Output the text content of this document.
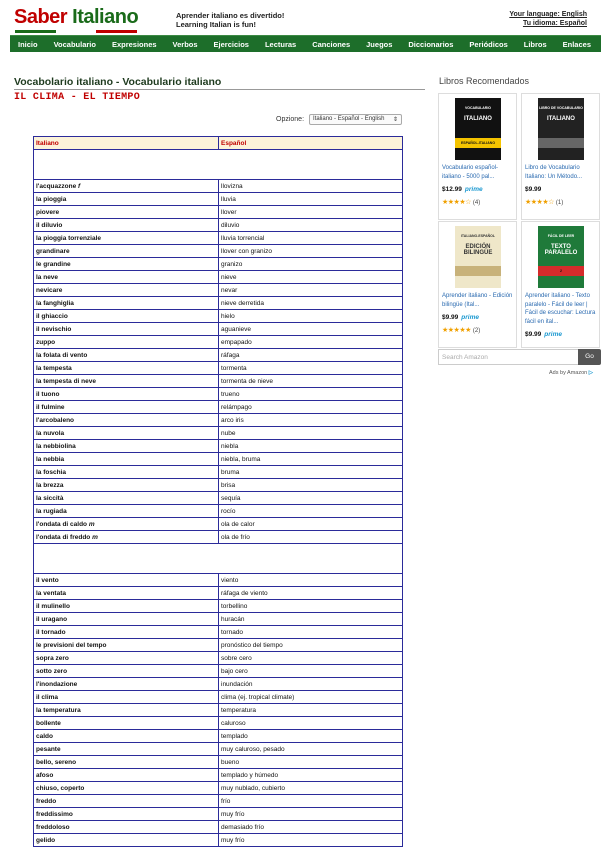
Saber Italiano	Aprender italiano es divertido!
Learning Italian is fun!
Your language: English
Tu idioma: Español
Inicio Vocabulario Expresiones Verbos Ejercicios Lecturas Canciones Juegos Diccionarios Periódicos Libros Enlaces
Vocabolario italiano - Vocabulario italiano
IL CLIMA - EL TIEMPO
Opzione:	Italiano - Español - English ⇕
Italiano	Español

l'acquazzone f	llovizna
la pioggia	lluvia
piovere	llover
il diluvio	diluvio
la pioggia torrenziale	lluvia torrencial
grandinare	llover con granizo
le grandine	granizo
la neve	nieve
nevicare	nevar
la fanghiglia	nieve derretida
il ghiaccio	hielo
il nevischio	aguanieve
zuppo	empapado
la folata di vento	ráfaga
la tempesta	tormenta
la tempesta di neve	tormenta de nieve
il tuono	trueno
il fulmine	relámpago
l'arcobaleno	arco iris
la nuvola	nube
la nebbiolina	niebla
la nebbia	niebla, bruma
la foschia	bruma
la brezza	brisa
la siccità	sequía
la rugiada	rocío
l'ondata di caldo m	ola de calor
l'ondata di freddo m	ola de frío

il vento	viento
la ventata	ráfaga de viento
il mulinello	torbellino
il uragano	huracán
il tornado	tornado
le previsioni del tempo	pronóstico del tiempo
sopra zero	sobre cero
sotto zero	bajo cero
l'inondazione	inundación
il clima	clima (ej. tropical climate)
la temperatura	temperatura
bollente	caluroso
caldo	templado
pesante	muy caluroso, pesado
bello, sereno	bueno
afoso	templado y húmedo
chiuso, coperto	muy nublado, cubierto
freddo	frío
freddissimo	muy frío
freddoloso	demasiado frío
gelido	muy frío
Libros Recomendados
VOCABULARIO
ITALIANO
ESPAÑOL-ITALIANO
Vocabulario español-italiano - 5000 pal...
$12.99 prime
★★★★☆ (4)
LIBRO DE VOCABULARIO
ITALIANO
Libro de Vocabulario Italiano: Un Método...
$9.99
★★★★☆ (1)
ITALIANO-ESPAÑOL
EDICIÓN BILINGÜE
Aprender italiano - Edición bilingüe (Ital...
$9.99 prime
★★★★★ (2)
FÁCIL DE LEER
TEXTO PARALELO
2
Aprender italiano - Texto paralelo - Fácil de leer | Fácil de escuchar: Lectura fácil en ital...
$9.99 prime
Search Amazon	Go
Ads by Amazon ▷
